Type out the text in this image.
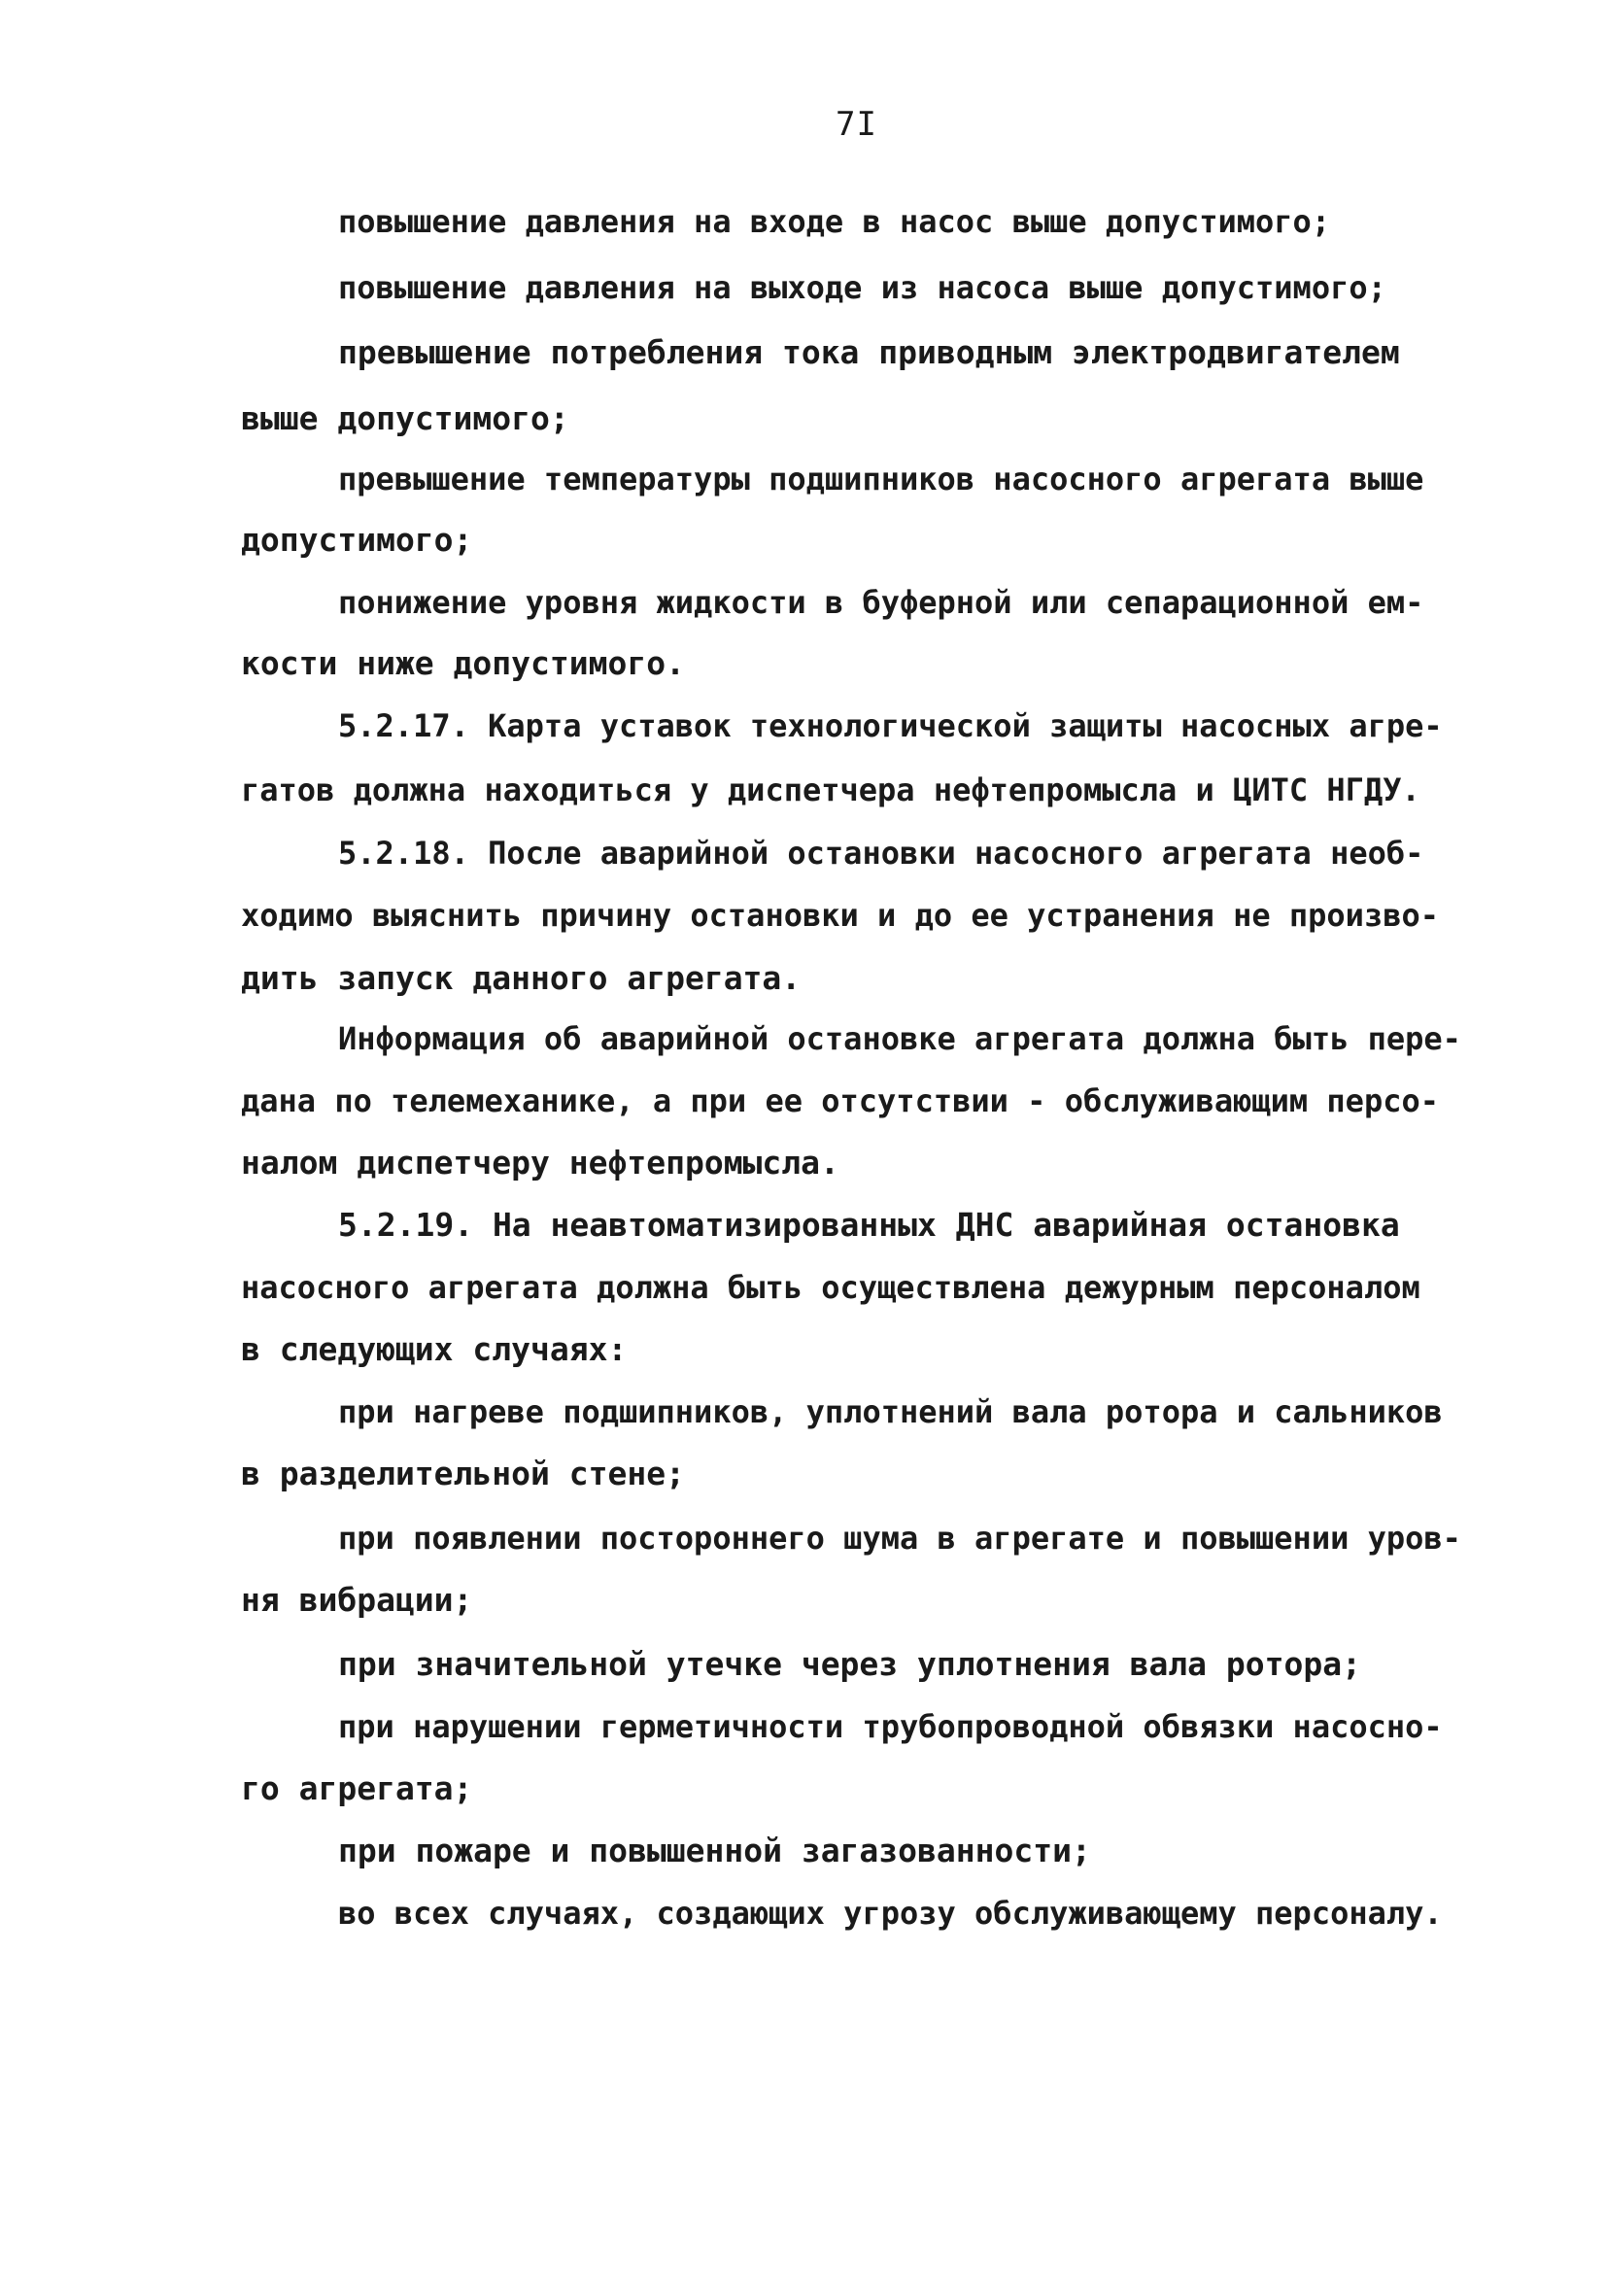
7I
повышение давления на входе в насос выше допустимого;
повышение давления на выходе из насоса выше допустимого;
превышение потребления тока приводным электродвигателем
выше допустимого;
превышение температуры подшипников насосного агрегата выше
допустимого;
понижение уровня жидкости в буферной или сепарационной ем-
кости ниже допустимого.
5.2.17. Карта уставок технологической защиты насосных агре-
гатов должна находиться у диспетчера нефтепромысла и ЦИТС НГДУ.
5.2.18. После аварийной остановки насосного агрегата необ-
ходимо выяснить причину остановки и до ее устранения не произво-
дить запуск данного агрегата.
Информация об аварийной остановке агрегата должна быть пере-
дана по телемеханике, а при ее отсутствии - обслуживающим персо-
налом диспетчеру нефтепромысла.
5.2.19. На неавтоматизированных ДНС аварийная остановка
насосного агрегата должна быть осуществлена дежурным персоналом
в следующих случаях:
при нагреве подшипников, уплотнений вала ротора и сальников
в разделительной стене;
при появлении постороннего шума в агрегате и повышении уров-
ня вибрации;
при значительной утечке через уплотнения вала ротора;
при нарушении герметичности трубопроводной обвязки насосно-
го агрегата;
при пожаре и повышенной загазованности;
во всех случаях, создающих угрозу обслуживающему персоналу.
